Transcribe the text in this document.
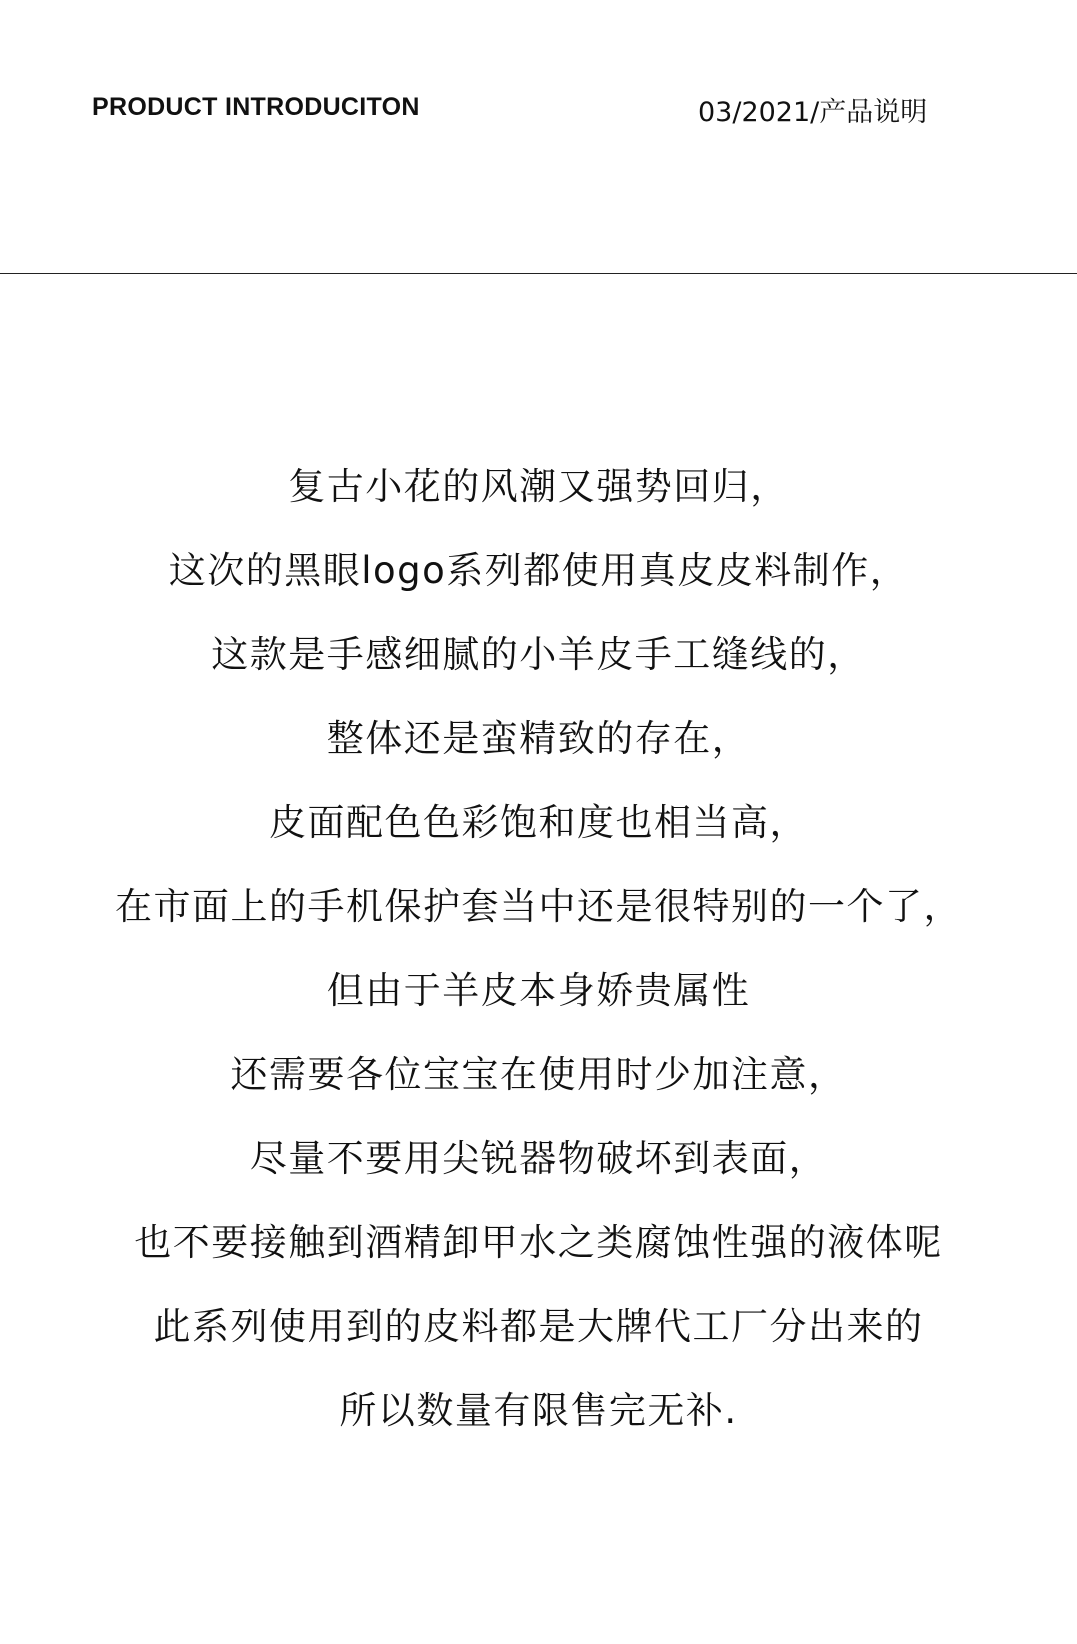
PRODUCT INTRODUCITON	03/2021/产品说明
复古小花的风潮又强势回归，
这次的黑眼logo系列都使用真皮皮料制作，
这款是手感细腻的小羊皮手工缝线的，
整体还是蛮精致的存在，
皮面配色色彩饱和度也相当高，
在市面上的手机保护套当中还是很特别的一个了，
但由于羊皮本身娇贵属性
还需要各位宝宝在使用时少加注意，
尽量不要用尖锐器物破坏到表面，
也不要接触到酒精卸甲水之类腐蚀性强的液体呢
此系列使用到的皮料都是大牌代工厂分出来的
所以数量有限售完无补.
